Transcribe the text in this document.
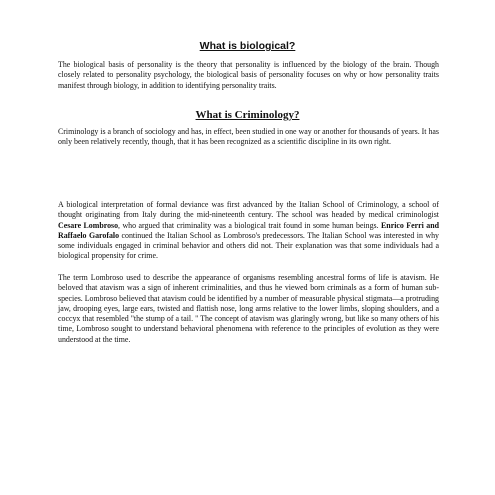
What is biological?

The biological basis of personality is the theory that personality is influenced by the biology of the brain. Though closely related to personality psychology, the biological basis of personality focuses on why or how personality traits manifest through biology, in addition to identifying personality traits.

What is Criminology?

Criminology is a branch of sociology and has, in effect, been studied in one way or another for thousands of years. It has only been relatively recently, though, that it has been recognized as a scientific discipline in its own right.

A biological interpretation of formal deviance was first advanced by the Italian School of Criminology, a school of thought originating from Italy during the mid-nineteenth century. The school was headed by medical criminologist Cesare Lombroso, who argued that criminality was a biological trait found in some human beings. Enrico Ferri and Raffaelo Garofalo continued the Italian School as Lombroso's predecessors. The Italian School was interested in why some individuals engaged in criminal behavior and others did not. Their explanation was that some individuals had a biological propensity for crime.

The term Lombroso used to describe the appearance of organisms resembling ancestral forms of life is atavism. He beloved that atavism was a sign of inherent criminalities, and thus he viewed born criminals as a form of human sub-species. Lombroso believed that atavism could be identified by a number of measurable physical stigmata—a protruding jaw, drooping eyes, large ears, twisted and flattish nose, long arms relative to the lower limbs, sloping shoulders, and a coccyx that resembled "the stump of a tail. " The concept of atavism was glaringly wrong, but like so many others of his time, Lombroso sought to understand behavioral phenomena with reference to the principles of evolution as they were understood at the time.
